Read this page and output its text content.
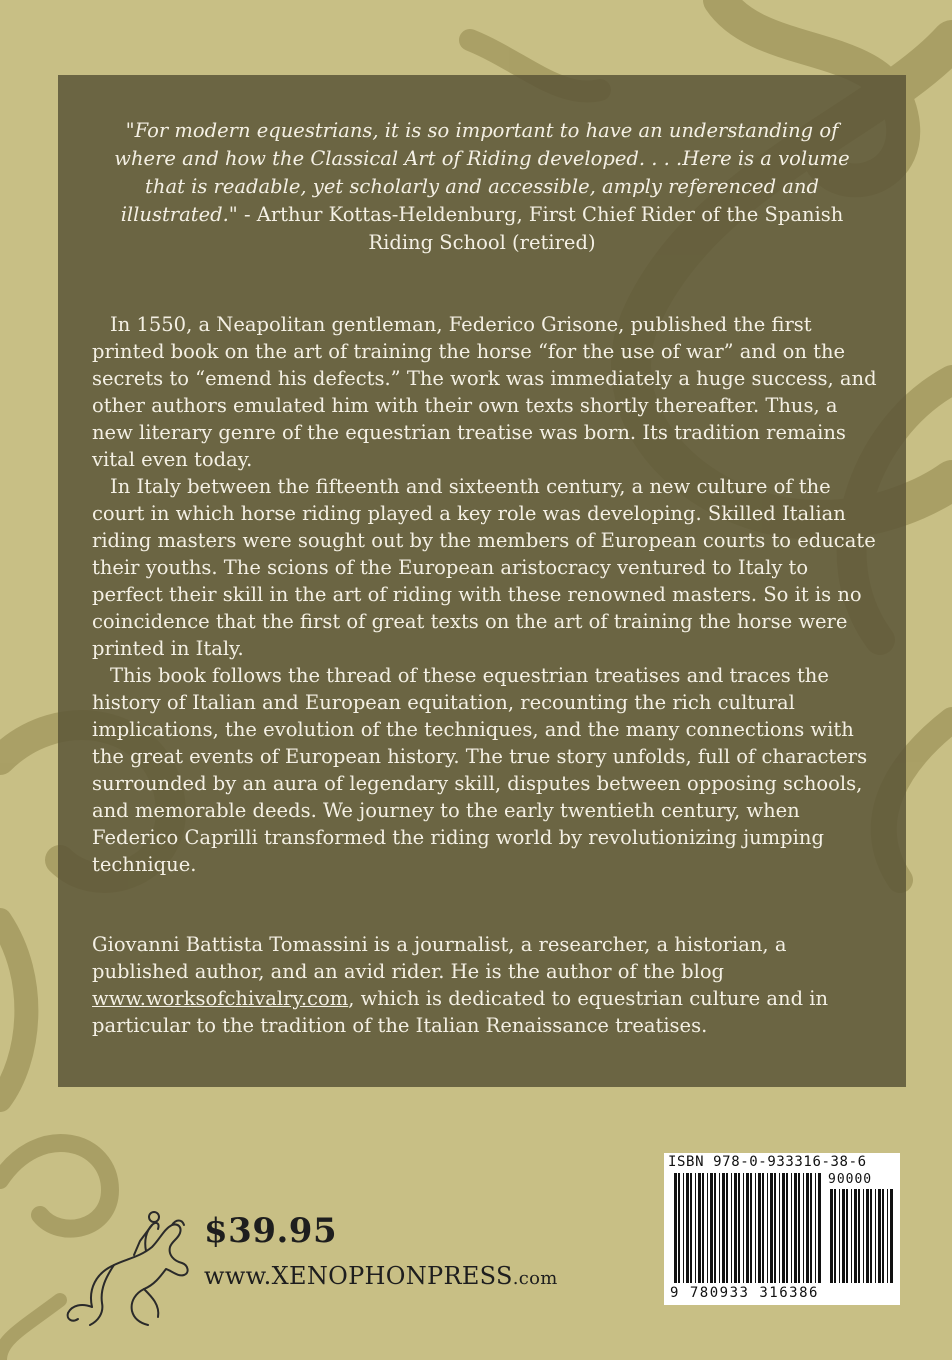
"For modern equestrians, it is so important to have an understanding of where and how the Classical Art of Riding developed. . . .Here is a volume that is readable, yet scholarly and accessible, amply referenced and illustrated." - Arthur Kottas-Heldenburg, First Chief Rider of the Spanish Riding School (retired)

In 1550, a Neapolitan gentleman, Federico Grisone, published the first printed book on the art of training the horse “for the use of war” and on the secrets to “emend his defects.” The work was immediately a huge success, and other authors emulated him with their own texts shortly thereafter. Thus, a new literary genre of the equestrian treatise was born. Its tradition remains vital even today.

In Italy between the fifteenth and sixteenth century, a new culture of the court in which horse riding played a key role was developing. Skilled Italian riding masters were sought out by the members of European courts to educate their youths. The scions of the European aristocracy ventured to Italy to perfect their skill in the art of riding with these renowned masters. So it is no coincidence that the first of great texts on the art of training the horse were printed in Italy.

This book follows the thread of these equestrian treatises and traces the history of Italian and European equitation, recounting the rich cultural implications, the evolution of the techniques, and the many connections with the great events of European history. The true story unfolds, full of characters surrounded by an aura of legendary skill, disputes between opposing schools, and memorable deeds. We journey to the early twentieth century, when Federico Caprilli transformed the riding world by revolutionizing jumping technique.

Giovanni Battista Tomassini is a journalist, a researcher, a historian, a published author, and an avid rider. He is the author of the blog www.worksofchivalry.com, which is dedicated to equestrian culture and in particular to the tradition of the Italian Renaissance treatises.

$39.95
www.XENOPHONPRESS.com
ISBN 978-0-933316-38-6
90000
9 780933 316386
